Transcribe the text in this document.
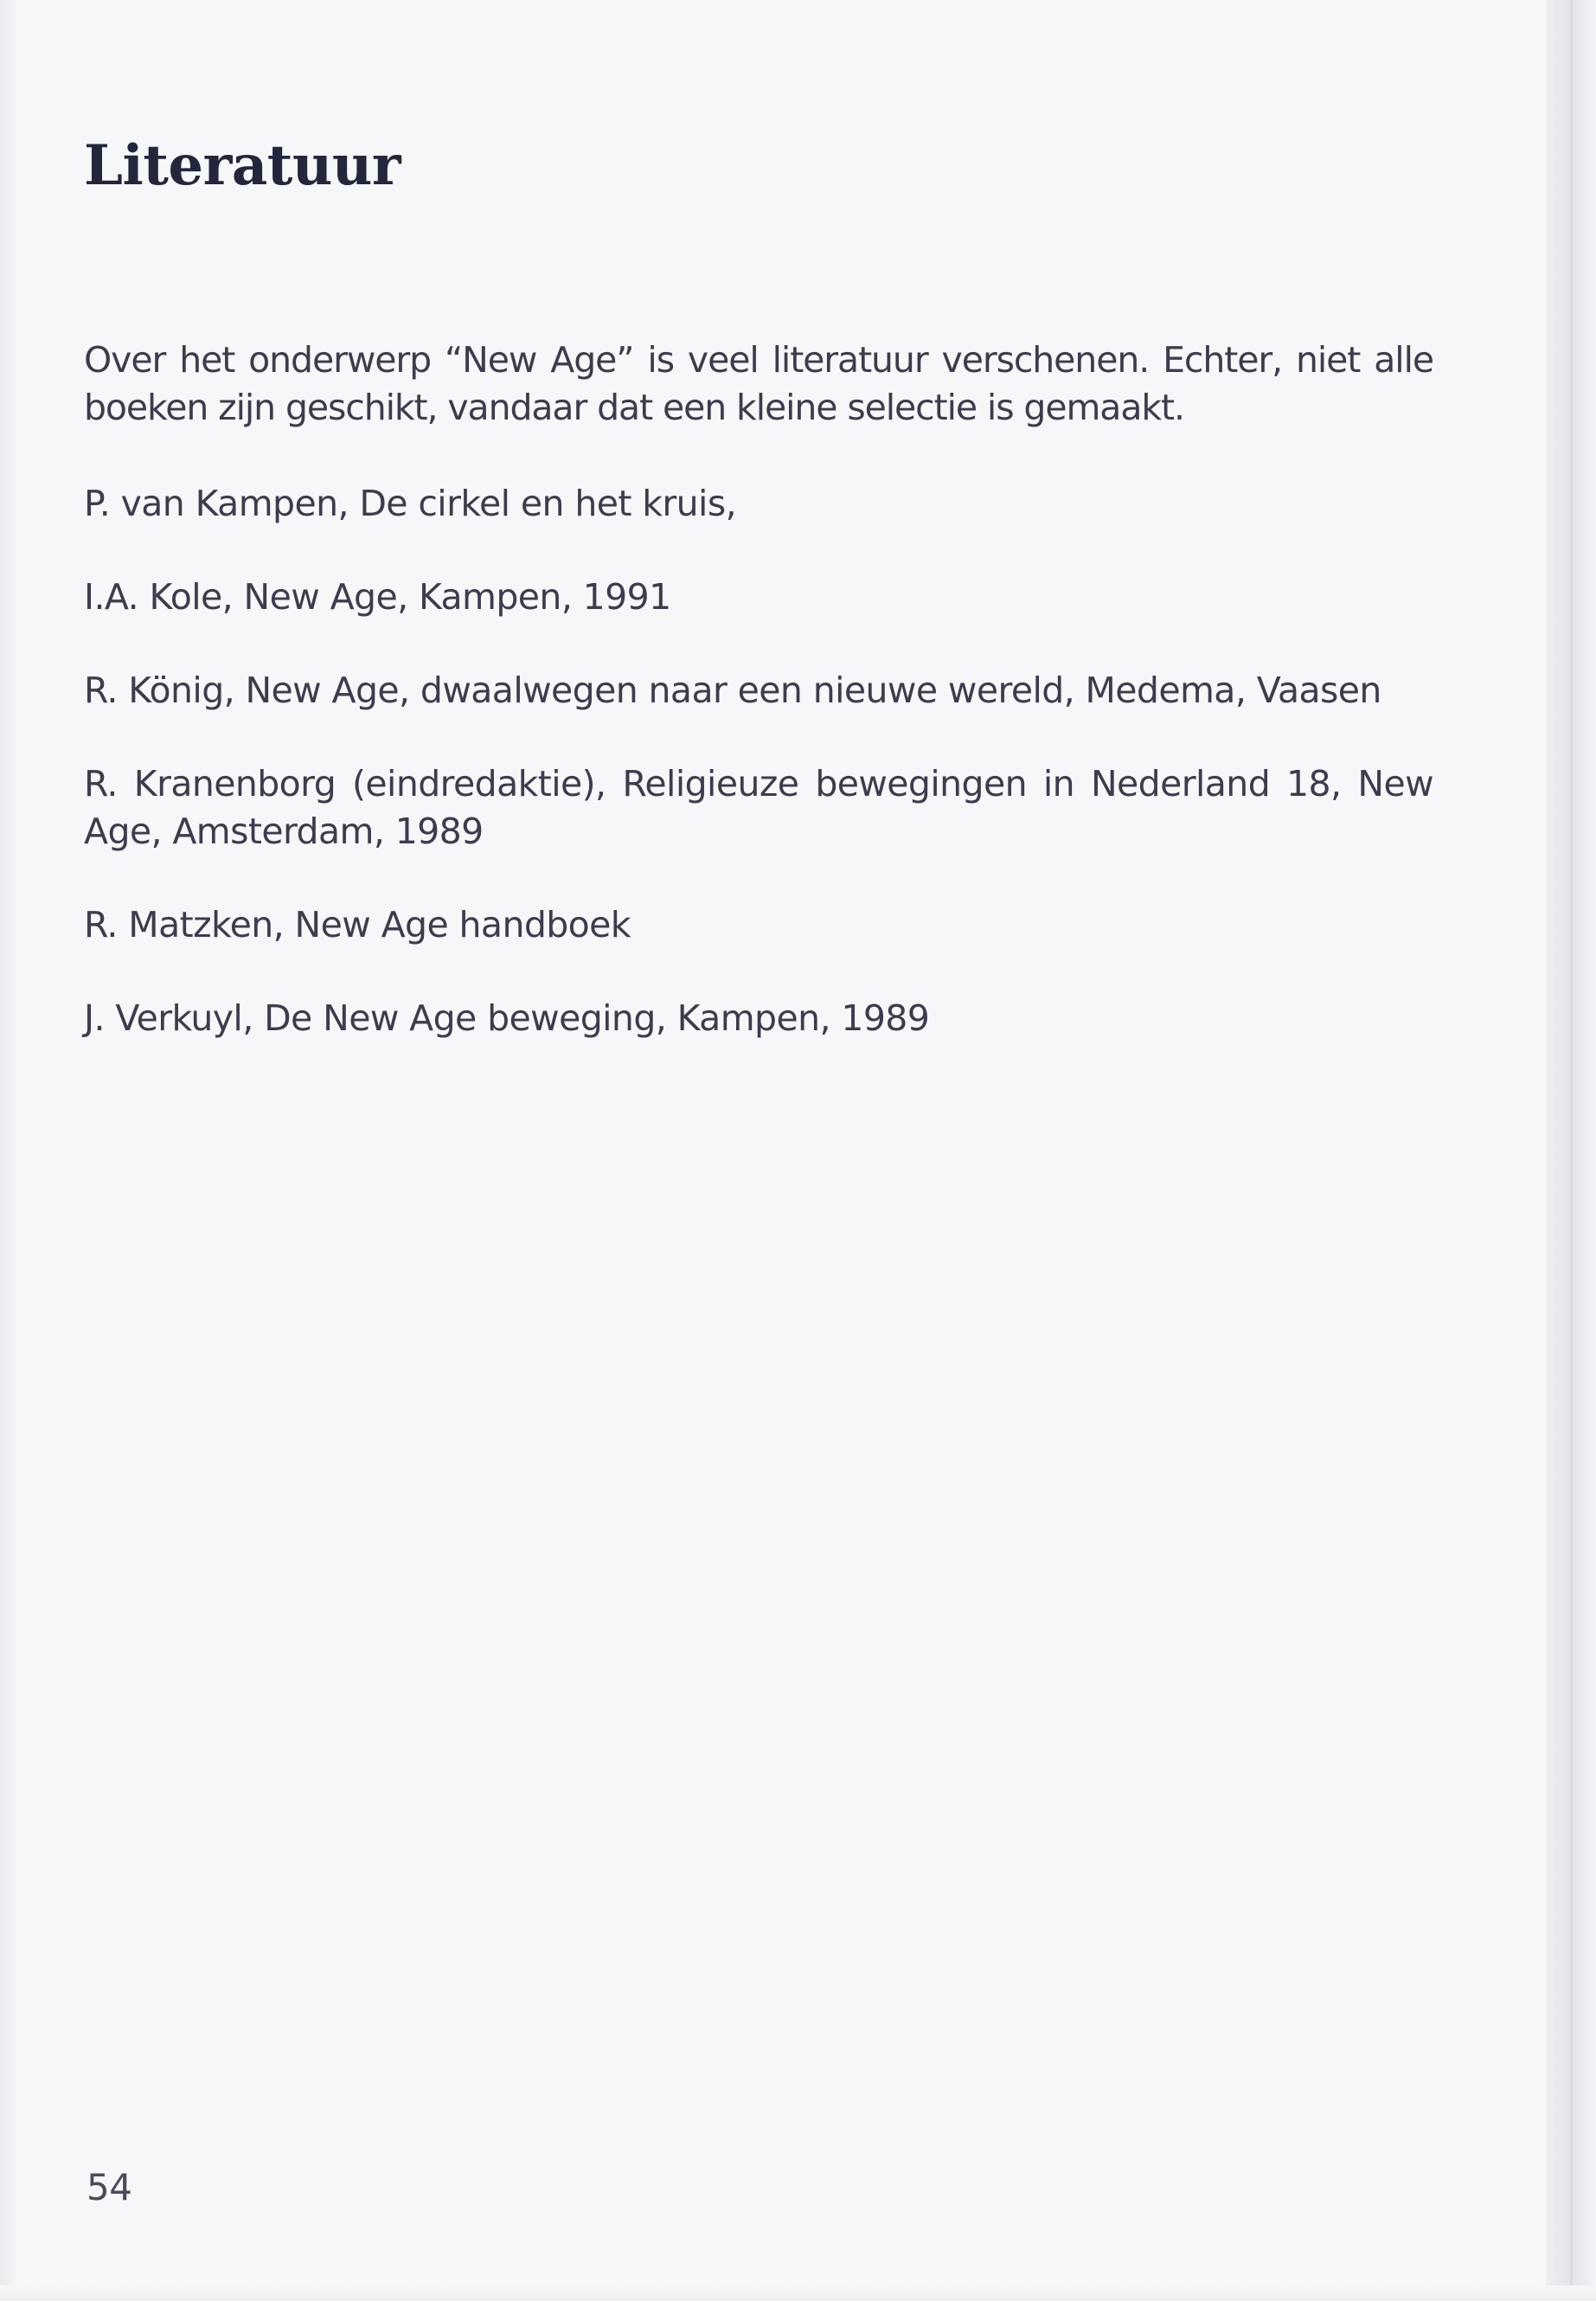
Literatuur

Over het onderwerp “New Age” is veel literatuur verschenen. Echter, niet alle boeken zijn geschikt, vandaar dat een kleine selectie is gemaakt.

P. van Kampen, De cirkel en het kruis,
I.A. Kole, New Age, Kampen, 1991
R. König, New Age, dwaalwegen naar een nieuwe wereld, Medema, Vaasen
R. Kranenborg (eindredaktie), Religieuze bewegingen in Nederland 18, New Age, Amsterdam, 1989
R. Matzken, New Age handboek
J. Verkuyl, De New Age beweging, Kampen, 1989
54
